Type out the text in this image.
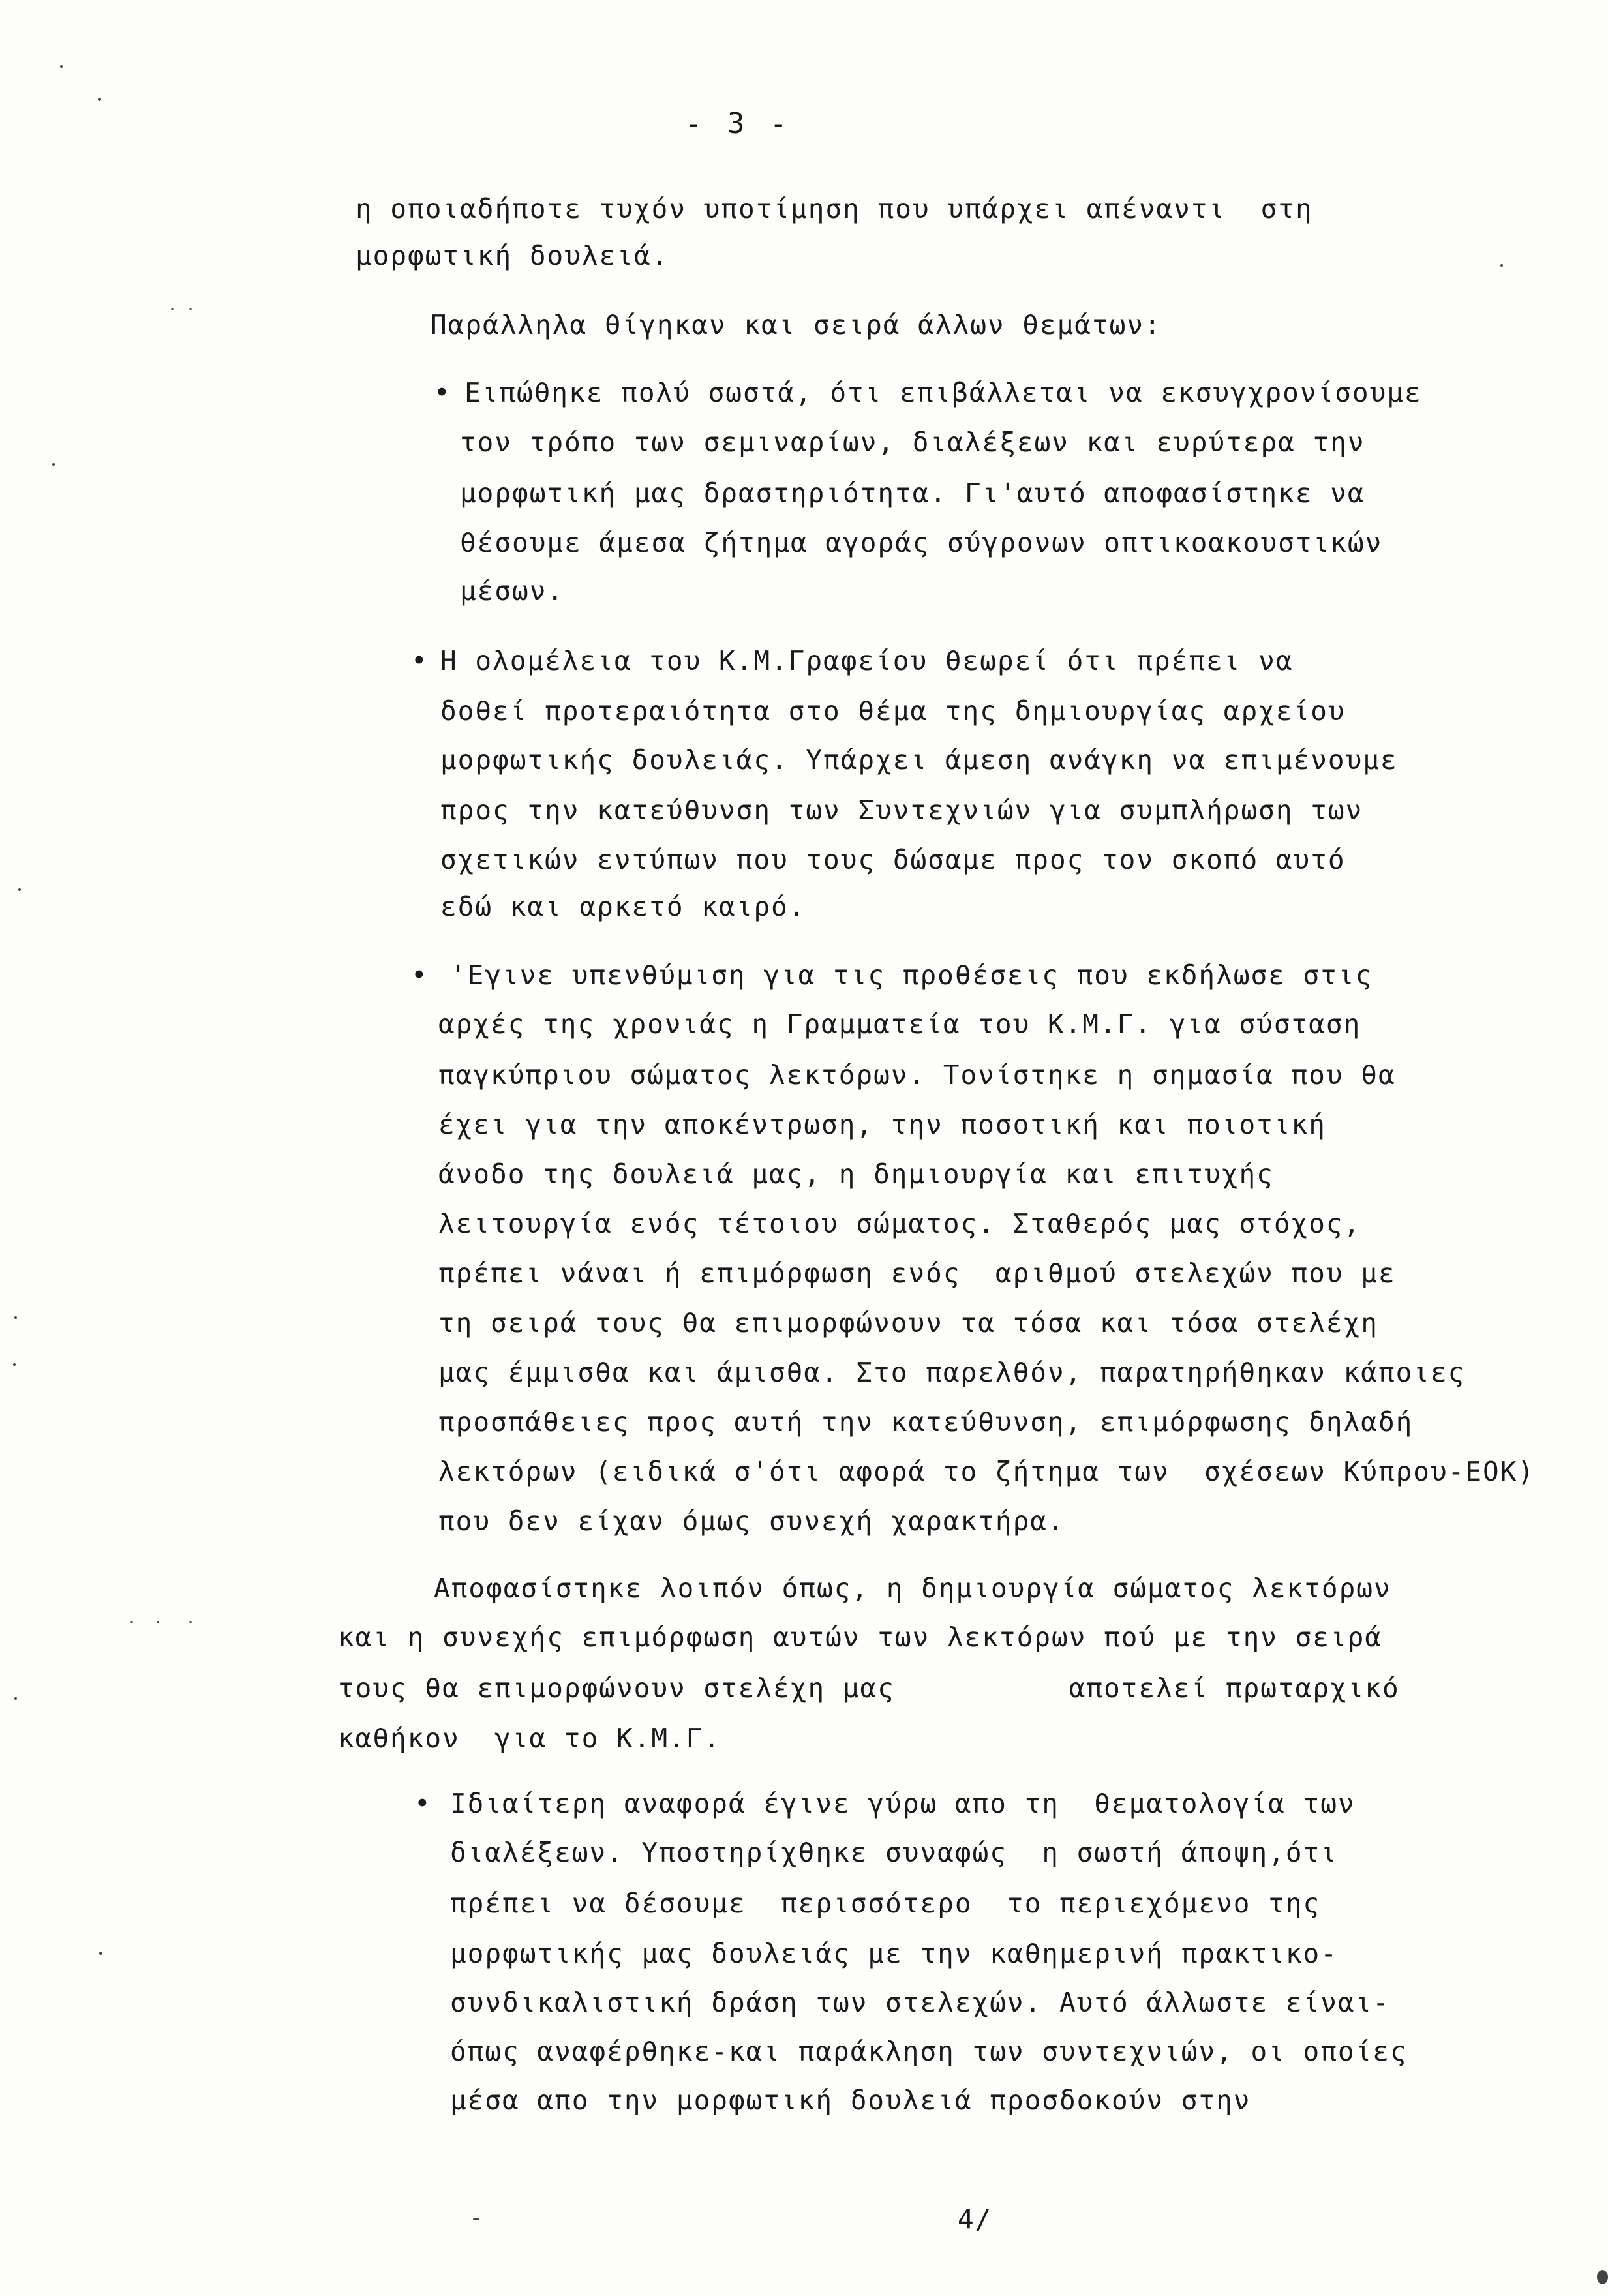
- 3 -
η οποιαδήποτε τυχόν υποτίμηση που υπάρχει απέναντι  στη
μορφωτική δουλειά.
Παράλληλα θίγηκαν και σειρά άλλων θεμάτων:
• Ειπώθηκε πολύ σωστά, ότι επιβάλλεται να εκσυγχρονίσουμε
τον τρόπο των σεμιναρίων, διαλέξεων και ευρύτερα την
μορφωτική μας δραστηριότητα. Γι'αυτό αποφασίστηκε να
θέσουμε άμεσα ζήτημα αγοράς σύγρονων οπτικοακουστικών
μέσων.
• Η ολομέλεια του Κ.Μ.Γραφείου θεωρεί ότι πρέπει να
δοθεί προτεραιότητα στο θέμα της δημιουργίας αρχείου
μορφωτικής δουλειάς. Υπάρχει άμεση ανάγκη να επιμένουμε
προς την κατεύθυνση των Συντεχνιών για συμπλήρωση των
σχετικών εντύπων που τους δώσαμε προς τον σκοπό αυτό
εδώ και αρκετό καιρό.
• 'Εγινε υπενθύμιση για τις προθέσεις που εκδήλωσε στις
αρχές της χρονιάς η Γραμματεία του Κ.Μ.Γ. για σύσταση
παγκύπριου σώματος λεκτόρων. Τονίστηκε η σημασία που θα
έχει για την αποκέντρωση, την ποσοτική και ποιοτική
άνοδο της δουλειά μας, η δημιουργία και επιτυχής
λειτουργία ενός τέτοιου σώματος. Σταθερός μας στόχος,
πρέπει νάναι ή επιμόρφωση ενός  αριθμού στελεχών που με
τη σειρά τους θα επιμορφώνουν τα τόσα και τόσα στελέχη
μας έμμισθα και άμισθα. Στο παρελθόν, παρατηρήθηκαν κάποιες
προσπάθειες προς αυτή την κατεύθυνση, επιμόρφωσης δηλαδή
λεκτόρων (ειδικά σ'ότι αφορά το ζήτημα των  σχέσεων Κύπρου-ΕΟΚ)
που δεν είχαν όμως συνεχή χαρακτήρα.
Αποφασίστηκε λοιπόν όπως, η δημιουργία σώματος λεκτόρων
και η συνεχής επιμόρφωση αυτών των λεκτόρων πού με την σειρά
τους θα επιμορφώνουν στελέχη μας          αποτελεί πρωταρχικό
καθήκον  για το Κ.Μ.Γ.
• Ιδιαίτερη αναφορά έγινε γύρω απο τη  θεματολογία των
διαλέξεων. Υποστηρίχθηκε συναφώς  η σωστή άποψη,ότι
πρέπει να δέσουμε  περισσότερο  το περιεχόμενο της
μορφωτικής μας δουλειάς με την καθημερινή πρακτικο-
συνδικαλιστική δράση των στελεχών. Αυτό άλλωστε είναι-
όπως αναφέρθηκε-και παράκληση των συντεχνιών, οι οποίες
μέσα απο την μορφωτική δουλειά προσδοκούν στην
4/
